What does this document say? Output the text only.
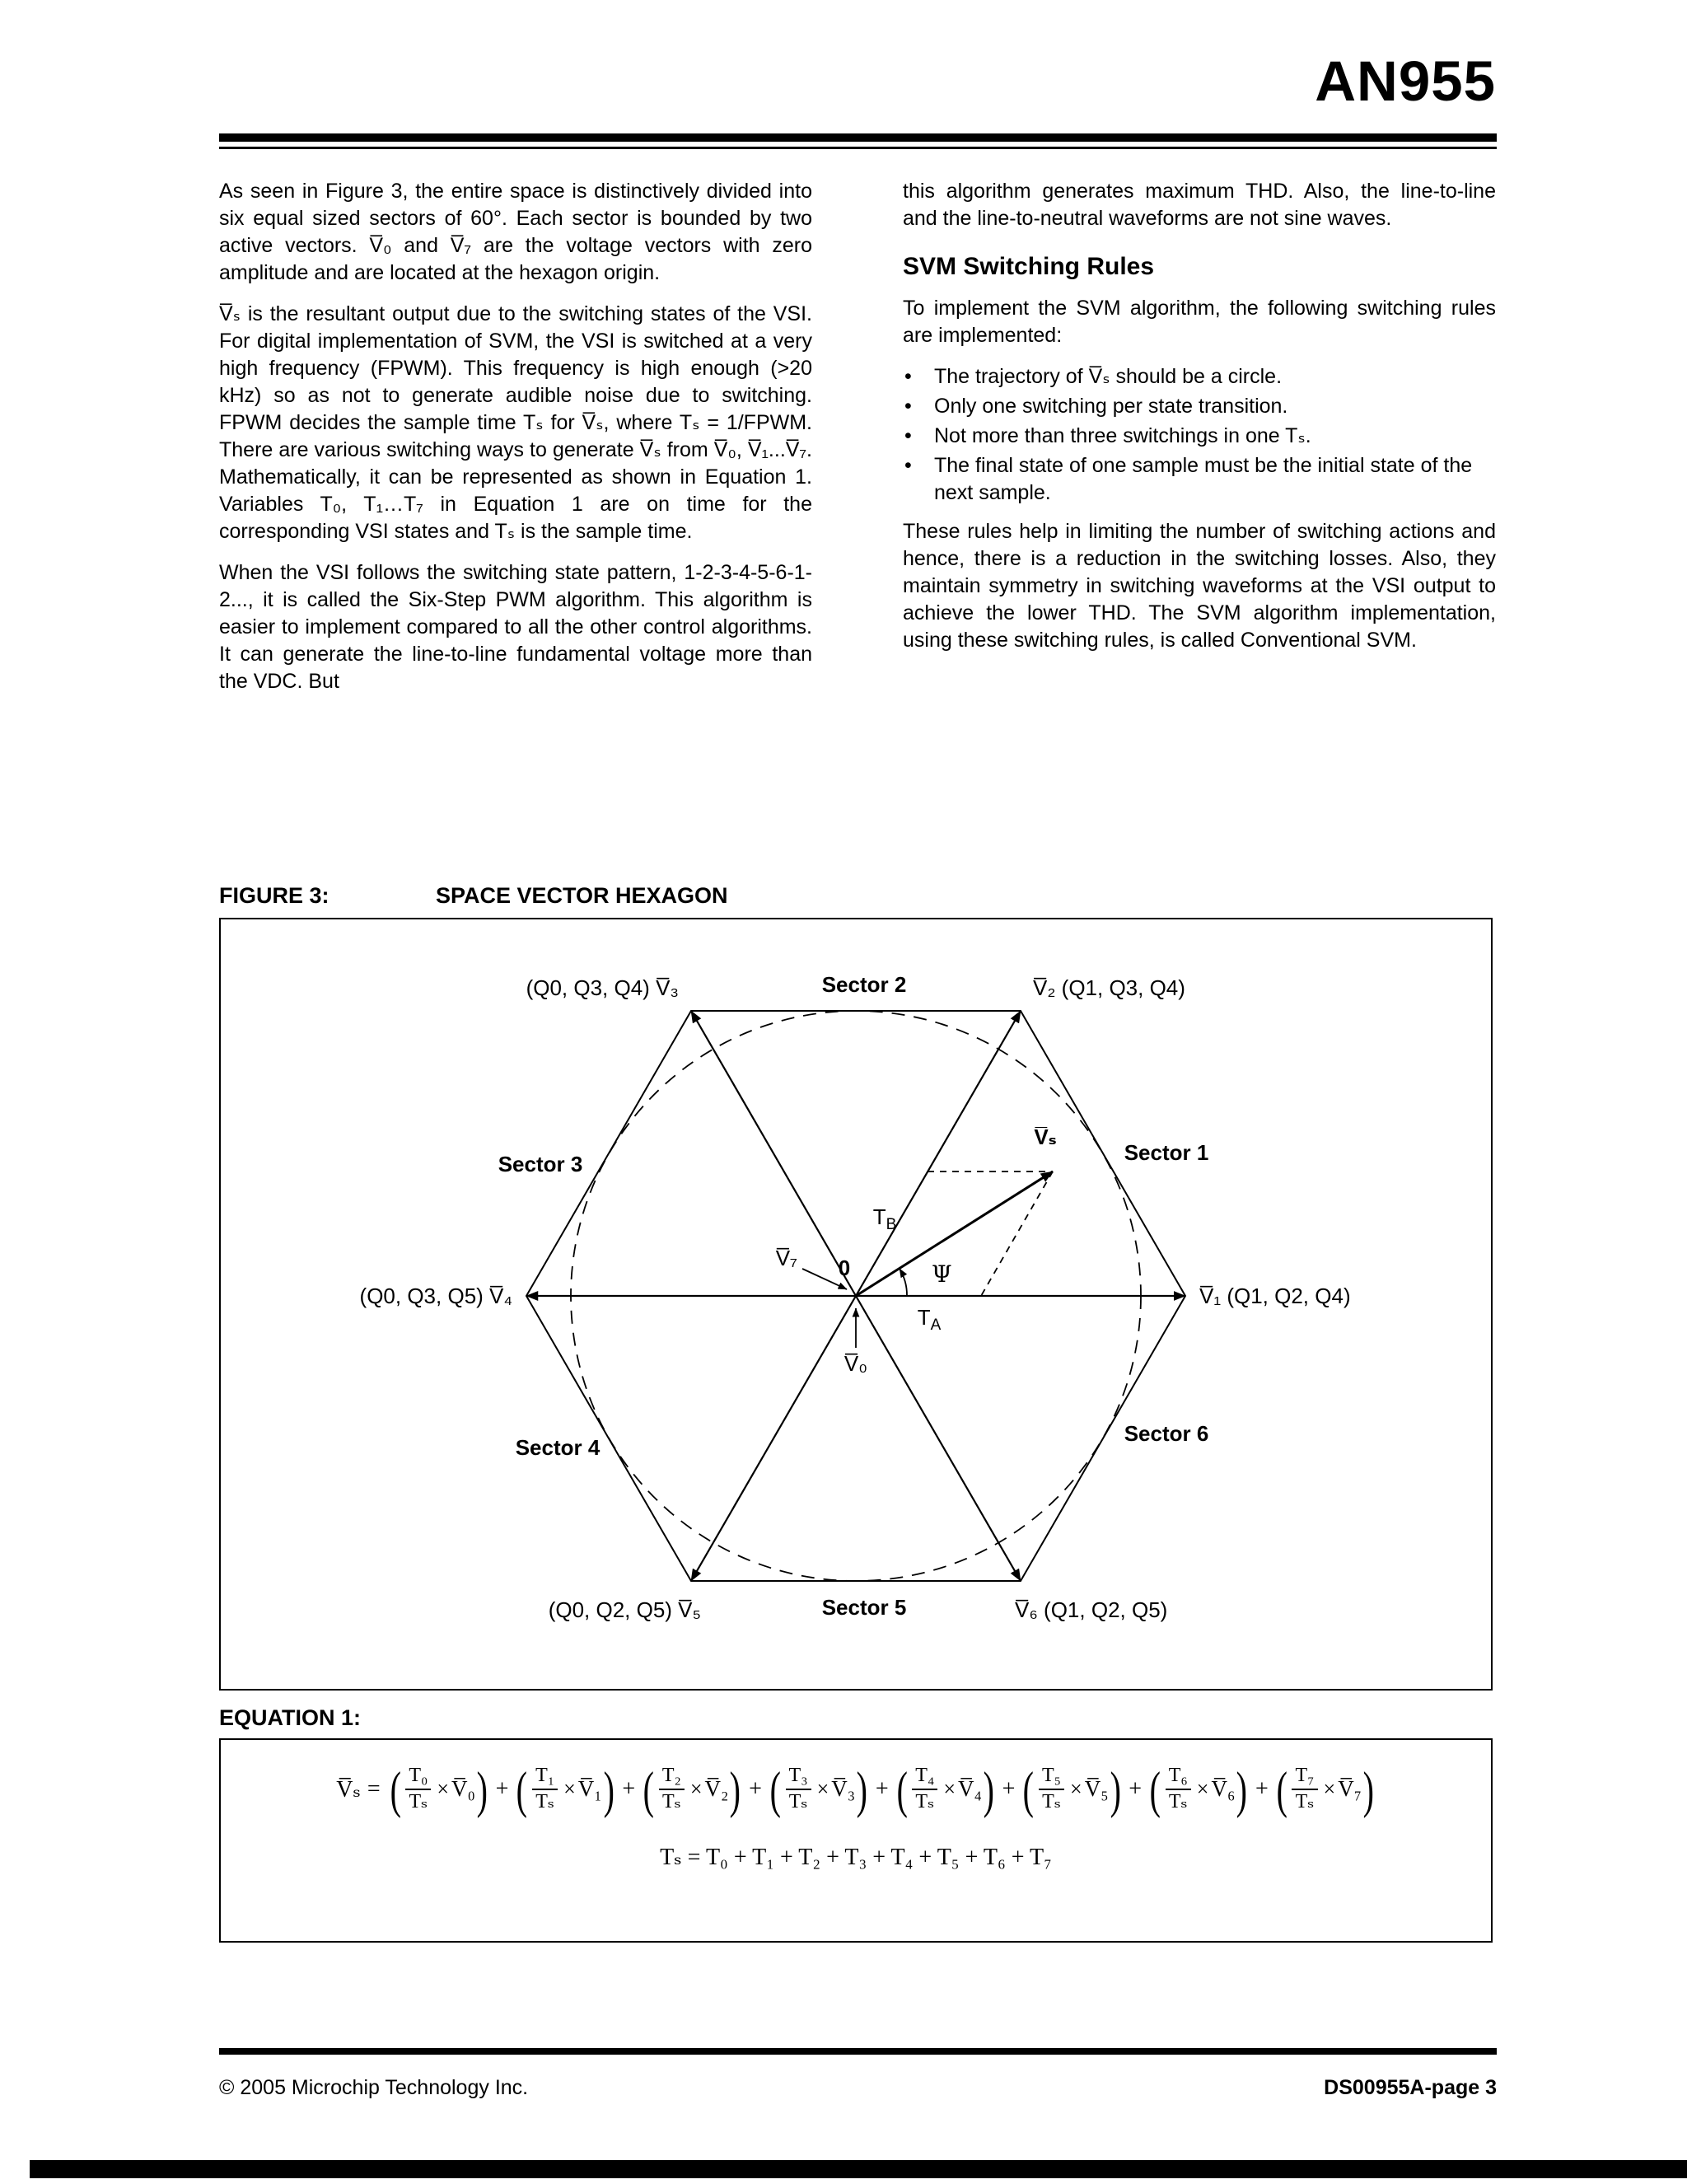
AN955

As seen in Figure 3, the entire space is distinctively divided into six equal sized sectors of 60°. Each sector is bounded by two active vectors. V̅₀ and V̅₇ are the voltage vectors with zero amplitude and are located at the hexagon origin.

V̅ₛ is the resultant output due to the switching states of the VSI. For digital implementation of SVM, the VSI is switched at a very high frequency (FPWM). This frequency is high enough (>20 kHz) so as not to generate audible noise due to switching. FPWM decides the sample time Tₛ for V̅ₛ, where Tₛ = 1/FPWM. There are various switching ways to generate V̅ₛ from V̅₀, V̅₁...V̅₇. Mathematically, it can be represented as shown in Equation 1. Variables T₀, T₁…T₇ in Equation 1 are on time for the corresponding VSI states and Tₛ is the sample time.

When the VSI follows the switching state pattern, 1-2-3-4-5-6-1-2..., it is called the Six-Step PWM algorithm. This algorithm is easier to implement compared to all the other control algorithms. It can generate the line-to-line fundamental voltage more than the VDC. But

this algorithm generates maximum THD. Also, the line-to-line and the line-to-neutral waveforms are not sine waves.

SVM Switching Rules

To implement the SVM algorithm, the following switching rules are implemented:

•	The trajectory of V̅ₛ should be a circle.
•	Only one switching per state transition.
•	Not more than three switchings in one Tₛ.
•	The final state of one sample must be the initial state of the next sample.

These rules help in limiting the number of switching actions and hence, there is a reduction in the switching losses. Also, they maintain symmetry in switching waveforms at the VSI output to achieve the lower THD. The SVM algorithm implementation, using these switching rules, is called Conventional SVM.

FIGURE 3:	SPACE VECTOR HEXAGON
Sector 1
Sector 2
Sector 3
Sector 4
Sector 5
Sector 6
(Q0, Q3, Q4) V̅₃	V̅₂ (Q1, Q3, Q4)
(Q0, Q3, Q5) V̅₄	V̅₁ (Q1, Q2, Q4)
(Q0, Q2, Q5) V̅₅	V̅₆ (Q1, Q2, Q5)
V̅ₛ
$T_B$
V̅₇ 0	Ψ
$T_A$
V̅₀
EQUATION 1:
V̅ₛ = ( $\frac{\text{T₀}}{\text{Tₛ}}$ × V̅₀ ) + ( $\frac{\text{T₁}}{\text{Tₛ}}$ × V̅₁ ) + ( $\frac{\text{T₂}}{\text{Tₛ}}$ × V̅₂ ) + ( $\frac{\text{T₃}}{\text{Tₛ}}$ × V̅₃ ) + ( $\frac{\text{T₄}}{\text{Tₛ}}$ × V̅₄ ) + ( $\frac{\text{T₅}}{\text{Tₛ}}$ × V̅₅ ) + ( $\frac{\text{T₆}}{\text{Tₛ}}$ × V̅₆ ) + ( $\frac{\text{T₇}}{\text{Tₛ}}$ × V̅₇ )
Tₛ = T₀ + T₁ + T₂ + T₃ + T₄ + T₅ + T₆ + T₇
© 2005 Microchip Technology Inc.	DS00955A-page 3
